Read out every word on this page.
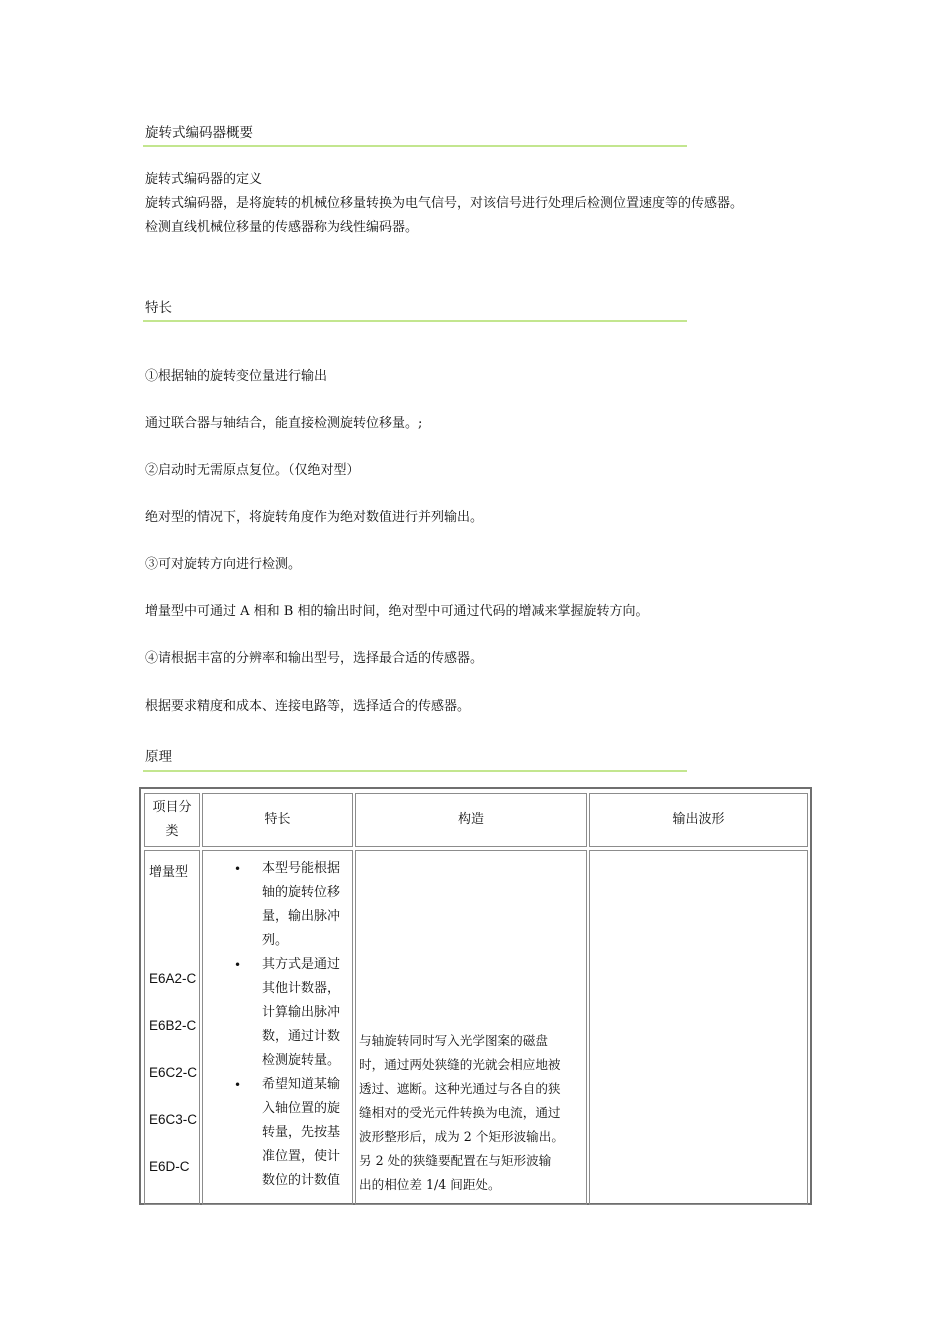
旋转式编码器概要
旋转式编码器的定义
旋转式编码器，是将旋转的机械位移量转换为电气信号，对该信号进行处理后检测位置速度等的传感器。
检测直线机械位移量的传感器称为线性编码器。
特长
①根据轴的旋转变位量进行输出
通过联合器与轴结合，能直接检测旋转位移量。;
②启动时无需原点复位。（仅绝对型）
绝对型的情况下，将旋转角度作为绝对数值进行并列输出。
③可对旋转方向进行检测。
增量型中可通过 A 相和 B 相的输出时间，绝对型中可通过代码的增减来掌握旋转方向。
④请根据丰富的分辨率和输出型号，选择最合适的传感器。
根据要求精度和成本、连接电路等，选择适合的传感器。
原理
项目分
类
特长	构造	输出波形
增量型
E6A2-C
E6B2-C
E6C2-C
E6C3-C
E6D-C
• 本型号能根据
轴的旋转位移
量，输出脉冲
列。
• 其方式是通过
其他计数器，
计算输出脉冲
数，通过计数
检测旋转量。
• 希望知道某输
入轴位置的旋
转量，先按基
准位置，使计
数位的计数值
与轴旋转同时写入光学图案的磁盘
时，通过两处狭缝的光就会相应地被
透过、遮断。这种光通过与各自的狭
缝相对的受光元件转换为电流，通过
波形整形后，成为 2 个矩形波输出。
另 2 处的狭缝要配置在与矩形波输
出的相位差 1/4 间距处。
